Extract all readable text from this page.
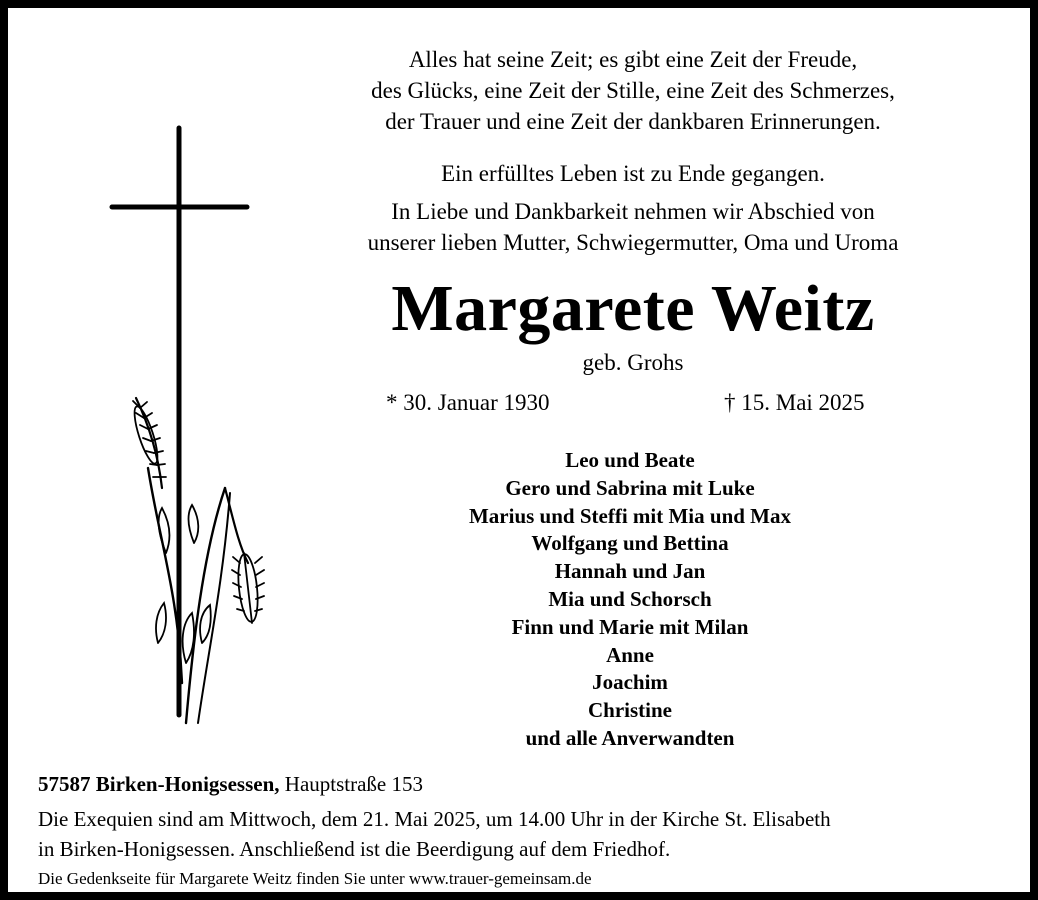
Alles hat seine Zeit; es gibt eine Zeit der Freude,
des Glücks, eine Zeit der Stille, eine Zeit des Schmerzes,
der Trauer und eine Zeit der dankbaren Erinnerungen.
Ein erfülltes Leben ist zu Ende gegangen.
In Liebe und Dankbarkeit nehmen wir Abschied von
unserer lieben Mutter, Schwiegermutter, Oma und Uroma
Margarete Weitz
geb. Grohs
* 30. Januar 1930	† 15. Mai 2025
Leo und Beate
Gero und Sabrina mit Luke
Marius und Steffi mit Mia und Max
Wolfgang und Bettina
Hannah und Jan
Mia und Schorsch
Finn und Marie mit Milan
Anne
Joachim
Christine
und alle Anverwandten
57587 Birken-Honigsessen, Hauptstraße 153
Die Exequien sind am Mittwoch, dem 21. Mai 2025, um 14.00 Uhr in der Kirche St. Elisabeth
in Birken-Honigsessen. Anschließend ist die Beerdigung auf dem Friedhof.
Die Gedenkseite für Margarete Weitz finden Sie unter www.trauer-gemeinsam.de
